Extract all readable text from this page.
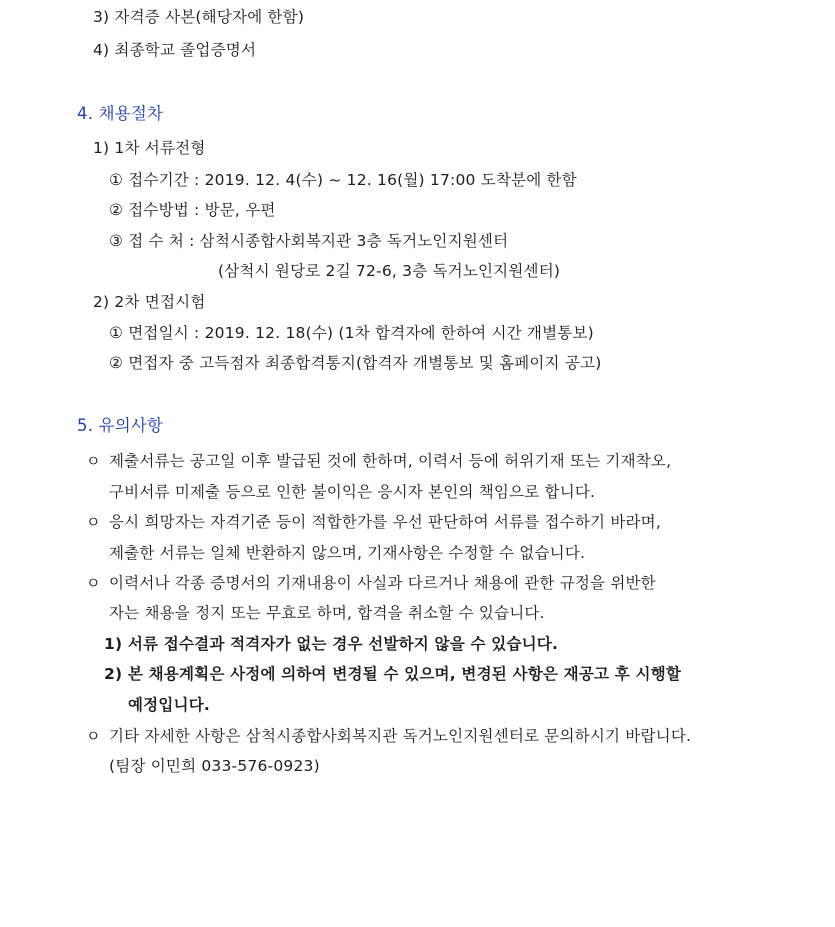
3) 자격증 사본(해당자에 한함)
4) 최종학교 졸업증명서
4. 채용절차
1) 1차 서류전형
① 접수기간 : 2019. 12. 4(수) ~ 12. 16(월) 17:00 도착분에 한함
② 접수방법 : 방문, 우편
③ 접 수 처 : 삼척시종합사회복지관 3층 독거노인지원센터
(삼척시 원당로 2길 72-6, 3층 독거노인지원센터)
2) 2차 면접시험
① 면접일시 : 2019. 12. 18(수) (1차 합격자에 한하여 시간 개별통보)
② 면접자 중 고득점자 최종합격통지(합격자 개별통보 및 홈페이지 공고)
5. 유의사항
ㅇ 제출서류는 공고일 이후 발급된 것에 한하며, 이력서 등에 허위기재 또는 기재착오,
구비서류 미제출 등으로 인한 불이익은 응시자 본인의 책임으로 합니다.
ㅇ 응시 희망자는 자격기준 등이 적합한가를 우선 판단하여 서류를 접수하기 바라며,
제출한 서류는 일체 반환하지 않으며, 기재사항은 수정할 수 없습니다.
ㅇ 이력서나 각종 증명서의 기재내용이 사실과 다르거나 채용에 관한 규정을 위반한
자는 채용을 정지 또는 무효로 하며, 합격을 취소할 수 있습니다.
1) 서류 접수결과 적격자가 없는 경우 선발하지 않을 수 있습니다.
2) 본 채용계획은 사정에 의하여 변경될 수 있으며, 변경된 사항은 재공고 후 시행할
예정입니다.
ㅇ 기타 자세한 사항은 삼척시종합사회복지관 독거노인지원센터로 문의하시기 바랍니다.
(팀장 이민희 033-576-0923)
